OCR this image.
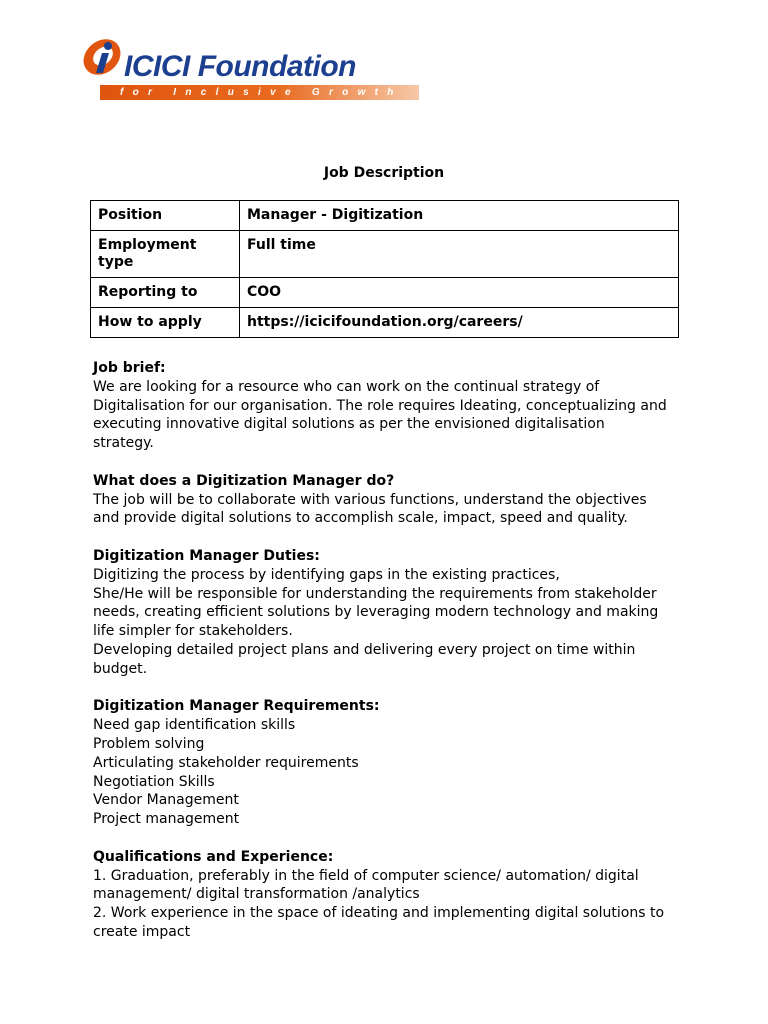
ICICI Foundation
for Inclusive Growth
Job Description
Position	Manager - Digitization
Employment type	Full time
Reporting to	COO
How to apply	https://icicifoundation.org/careers/

Job brief:

We are looking for a resource who can work on the continual strategy of

Digitalisation for our organisation. The role requires Ideating, conceptualizing and

executing innovative digital solutions as per the envisioned digitalisation

strategy.

What does a Digitization Manager do?

The job will be to collaborate with various functions, understand the objectives

and provide digital solutions to accomplish scale, impact, speed and quality.

Digitization Manager Duties:

Digitizing the process by identifying gaps in the existing practices,

She/He will be responsible for understanding the requirements from stakeholder

needs, creating efficient solutions by leveraging modern technology and making

life simpler for stakeholders.

Developing detailed project plans and delivering every project on time within

budget.

Digitization Manager Requirements:

Need gap identification skills

Problem solving

Articulating stakeholder requirements

Negotiation Skills

Vendor Management

Project management

Qualifications and Experience:

1. Graduation, preferably in the field of computer science/ automation/ digital

management/ digital transformation /analytics

2. Work experience in the space of ideating and implementing digital solutions to

create impact
